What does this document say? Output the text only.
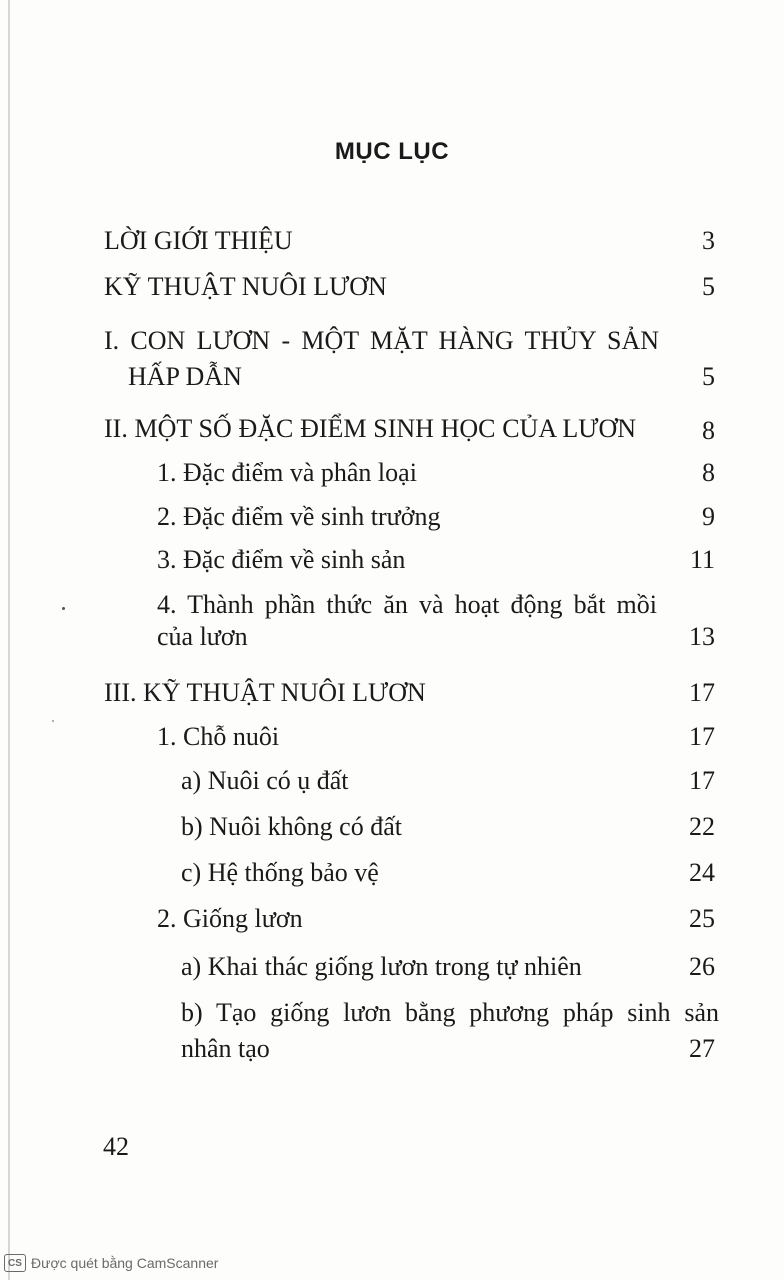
MỤC LỤC
LỜI GIỚI THIỆU	3
KỸ THUẬT NUÔI LƯƠN	5
I. CON LƯƠN - MỘT MẶT HÀNG THỦY SẢN
HẤP DẪN	5
II. MỘT SỐ ĐẶC ĐIỂM SINH HỌC CỦA LƯƠN	8
1. Đặc điểm và phân loại	8
2. Đặc điểm về sinh trưởng	9
3. Đặc điểm về sinh sản	11
4. Thành phần thức ăn và hoạt động bắt mồi
của lươn	13
III. KỸ THUẬT NUÔI LƯƠN	17
1. Chỗ nuôi	17
a) Nuôi có ụ đất	17
b) Nuôi không có đất	22
c) Hệ thống bảo vệ	24
2. Giống lươn	25
a) Khai thác giống lươn trong tự nhiên	26
b) Tạo giống lươn bằng phương pháp sinh sản
nhân tạo	27
42
CS Được quét bằng CamScanner
